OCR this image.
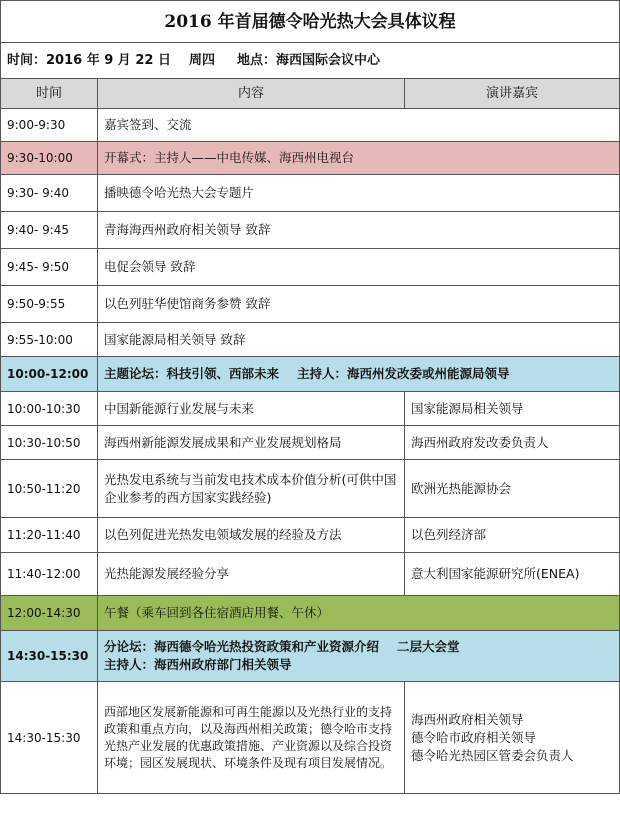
2016 年首届德令哈光热大会具体议程		
时间：2016 年 9 月 22 日 周四 地点：海西国际会议中心		
时间	内容	演讲嘉宾
9:00-9:30	嘉宾签到、交流	
9:30-10:00	开幕式：主持人——中电传媒、海西州电视台	
9:30- 9:40	播映德令哈光热大会专题片	
9:40- 9:45	青海海西州政府相关领导 致辞	
9:45- 9:50	电促会领导 致辞	
9:50-9:55	以色列驻华使馆商务参赞 致辞	
9:55-10:00	国家能源局相关领导 致辞	
10:00-12:00	主题论坛：科技引领、西部未来 主持人：海西州发改委或州能源局领导	
10:00-10:30	中国新能源行业发展与未来	国家能源局相关领导
10:30-10:50	海西州新能源发展成果和产业发展规划格局	海西州政府发改委负责人
10:50-11:20	光热发电系统与当前发电技术成本价值分析(可供中国企业参考的西方国家实践经验)	欧洲光热能源协会
11:20-11:40	以色列促进光热发电领域发展的经验及方法	以色列经济部
11:40-12:00	光热能源发展经验分享	意大利国家能源研究所(ENEA)
12:00-14:30	午餐（乘车回到各住宿酒店用餐、午休）	
14:30-15:30	分论坛：海西德令哈光热投资政策和产业资源介绍 二层大会堂
主持人：海西州政府部门相关领导	

14:30-15:30	西部地区发展新能源和可再生能源以及光热行业的支持政策和重点方向，以及海西州相关政策；德令哈市支持光热产业发展的优惠政策措施、产业资源以及综合投资环境；园区发展现状、环境条件及现有项目发展情况。	海西州政府相关领导
德令哈市政府相关领导
德令哈光热园区管委会负责人
